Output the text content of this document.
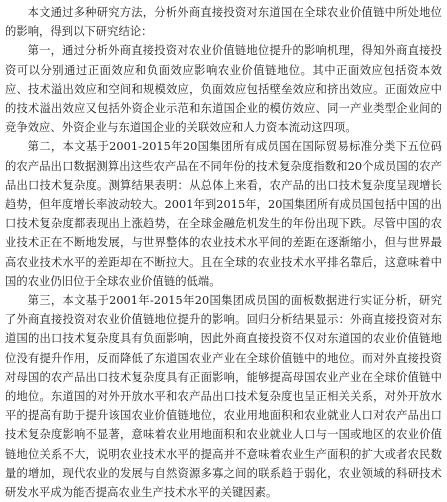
本文通过多种研究方法，分析外商直接投资对东道国在全球农业价值链中所处地位的影响，得到以下研究结论：

第一，通过分析外商直接投资对农业价值链地位提升的影响机理，得知外商直接投资可以分别通过正面效应和负面效应影响农业价值链地位。其中正面效应包括资本效应、技术溢出效应和空间和规模效应，负面效应包括壁垒效应和挤出效应。正面效应中的技术溢出效应又包括外资企业示范和东道国企业的模仿效应、同一产业类型企业间的竞争效应、外资企业与东道国企业的关联效应和人力资本流动这四项。

第二，本文基于2001-2015年20国集团所有成员国在国际贸易标准分类下五位码的农产品出口数据测算出这些农产品在不同年份的技术复杂度指数和20个成员国的农产品出口技术复杂度。测算结果表明：从总体上来看，农产品的出口技术复杂度呈现增长趋势，但年度增长率波动较大。2001年到2015年，20国集团所有成员国包括中国的出口技术复杂度都表现出上涨趋势，在全球金融危机发生的年份出现下跌。尽管中国的农业技术正在不断地发展，与世界整体的农业技术水平间的差距在逐渐缩小，但与世界最高农业技术水平的差距却在不断拉大。且在全球的农业技术水平排名靠后，这意味着中国的农业仍旧位于全球农业价值链的低端。

第三，本文基于2001年-2015年20国集团成员国的面板数据进行实证分析，研究了外商直接投资对农业价值链地位提升的影响。回归分析结果显示：外商直接投资对东道国的出口技术复杂度具有负面影响，因此外商直接投资不仅对东道国的农业价值链地位没有提升作用，反而降低了东道国农业产业在全球价值链中的地位。而对外直接投资对母国的农产品出口技术复杂度具有正面影响，能够提高母国农业产业在全球价值链中的地位。东道国的对外开放水平和农产品出口技术复杂度也呈正相关关系，对外开放水平的提高有助于提升该国农业价值链地位，农业用地面积和农业就业人口对农产品出口技术复杂度影响不显著，意味着农业用地面积和农业就业人口与一国或地区的农业价值链地位关系不大，说明农业技术水平的提高并不意味着农业生产面积的扩大或者农民数量的增加，现代农业的发展与自然资源多寡之间的联系趋于弱化，农业领域的科研技术研发水平成为能否提高农业生产技术水平的关键因素。
